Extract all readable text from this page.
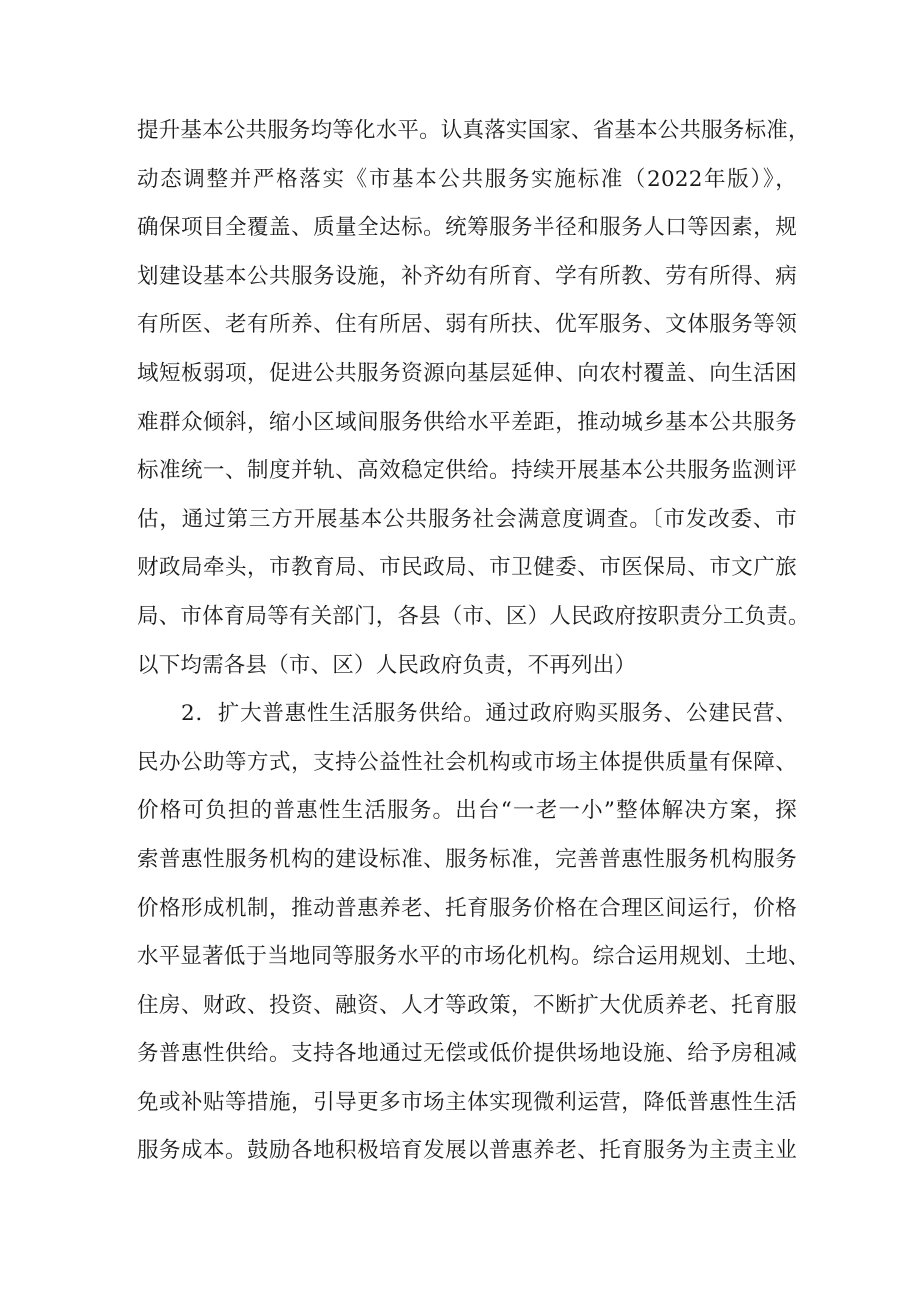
提升基本公共服务均等化水平。认真落实国家、省基本公共服务标准，
动态调整并严格落实《市基本公共服务实施标准（2022年版）》，
确保项目全覆盖、质量全达标。统筹服务半径和服务人口等因素，规
划建设基本公共服务设施，补齐幼有所育、学有所教、劳有所得、病
有所医、老有所养、住有所居、弱有所扶、优军服务、文体服务等领
域短板弱项，促进公共服务资源向基层延伸、向农村覆盖、向生活困
难群众倾斜，缩小区域间服务供给水平差距，推动城乡基本公共服务
标准统一、制度并轨、高效稳定供给。持续开展基本公共服务监测评
估，通过第三方开展基本公共服务社会满意度调查。〔市发改委、市
财政局牵头，市教育局、市民政局、市卫健委、市医保局、市文广旅
局、市体育局等有关部门，各县（市、区）人民政府按职责分工负责。
以下均需各县（市、区）人民政府负责，不再列出）
2．扩大普惠性生活服务供给。通过政府购买服务、公建民营、
民办公助等方式，支持公益性社会机构或市场主体提供质量有保障、
价格可负担的普惠性生活服务。出台“一老一小”整体解决方案，探
索普惠性服务机构的建设标准、服务标准，完善普惠性服务机构服务
价格形成机制，推动普惠养老、托育服务价格在合理区间运行，价格
水平显著低于当地同等服务水平的市场化机构。综合运用规划、土地、
住房、财政、投资、融资、人才等政策，不断扩大优质养老、托育服
务普惠性供给。支持各地通过无偿或低价提供场地设施、给予房租减
免或补贴等措施，引导更多市场主体实现微利运营，降低普惠性生活
服务成本。鼓励各地积极培育发展以普惠养老、托育服务为主责主业
